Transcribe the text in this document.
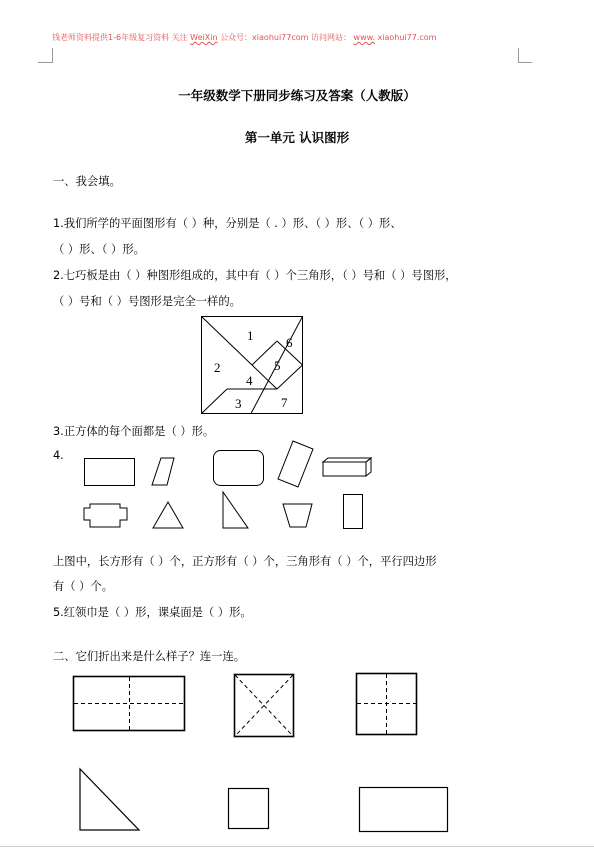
钱老师资料提供1-6年级复习资料 关注 WeiXin 公众号：xiaohui77com 访问网站： www. xiaohui77.com
一年级数学下册同步练习及答案（人教版）
第一单元 认识图形
一、我会填。
1.我们所学的平面图形有（ ）种，分别是（ . ）形、（ ）形、（ ）形、
（ ）形、（ ）形。
2.七巧板是由（ ）种图形组成的，其中有（ ）个三角形，（ ）号和（ ）号图形，
（ ）号和（ ）号图形是完全一样的。
1
2
3
4
5
6
7
3.正方体的每个面都是（ ）形。
4.
上图中，长方形有（ ）个，正方形有（ ）个，三角形有（ ）个，平行四边形
有（ ）个。
5.红领巾是（ ）形，课桌面是（ ）形。
二、它们折出来是什么样子？连一连。
